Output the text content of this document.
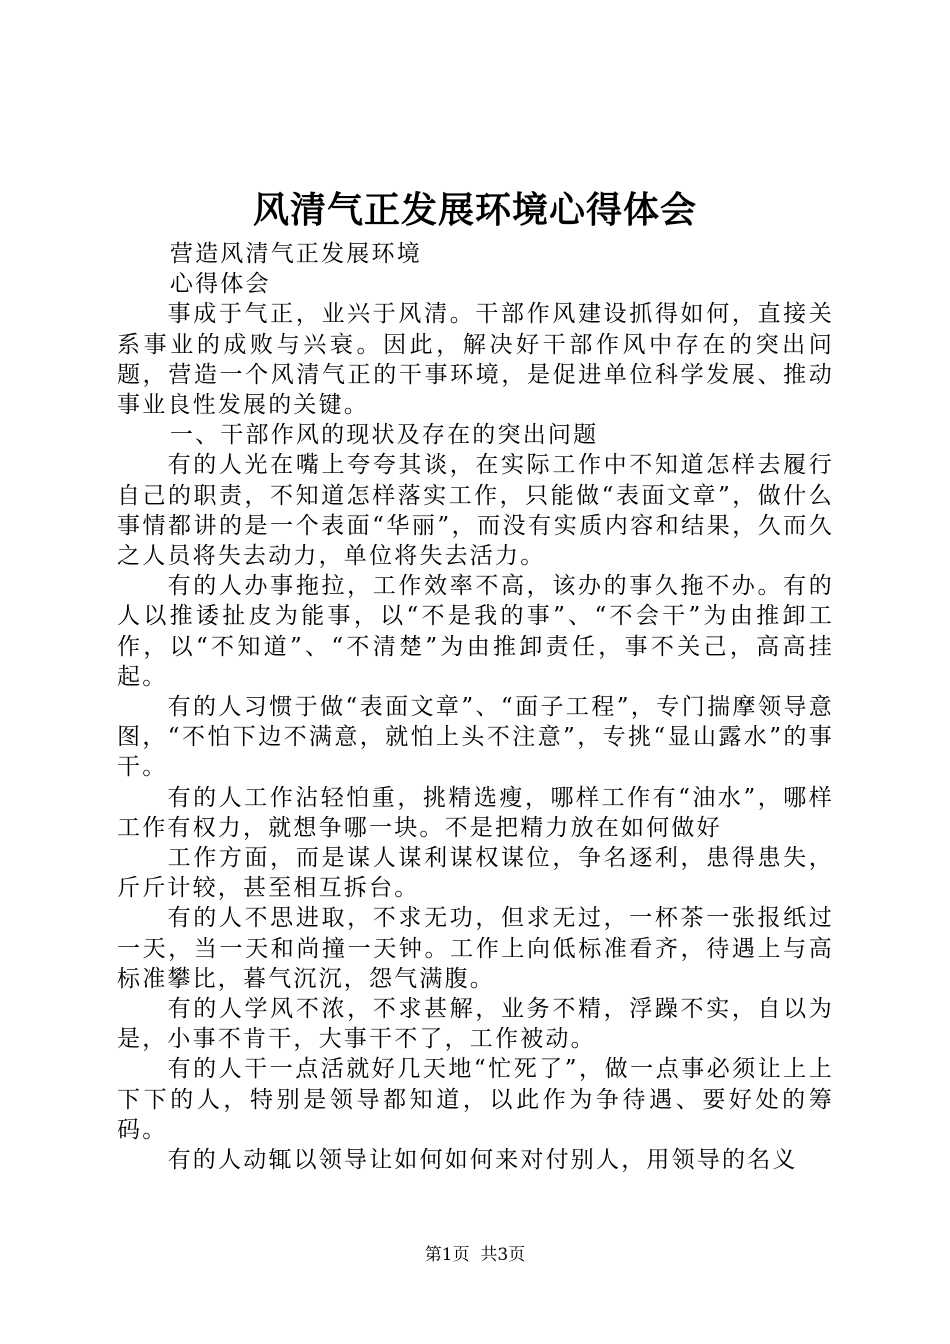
风清气正发展环境心得体会

营造风清气正发展环境

心得体会

事成于气正，业兴于风清。干部作风建设抓得如何，直接关系事业的成败与兴衰。因此，解决好干部作风中存在的突出问题，营造一个风清气正的干事环境，是促进单位科学发展、推动事业良性发展的关键。

一、干部作风的现状及存在的突出问题

有的人光在嘴上夸夸其谈，在实际工作中不知道怎样去履行自己的职责，不知道怎样落实工作，只能做“表面文章”，做什么事情都讲的是一个表面“华丽”，而没有实质内容和结果，久而久之人员将失去动力，单位将失去活力。

有的人办事拖拉，工作效率不高，该办的事久拖不办。有的人以推诿扯皮为能事，以“不是我的事”、“不会干”为由推卸工作，以“不知道”、“不清楚”为由推卸责任，事不关己，高高挂起。

有的人习惯于做“表面文章”、“面子工程”，专门揣摩领导意图，“不怕下边不满意，就怕上头不注意”，专挑“显山露水”的事干。

有的人工作沾轻怕重，挑精选瘦，哪样工作有“油水”，哪样工作有权力，就想争哪一块。不是把精力放在如何做好

工作方面，而是谋人谋利谋权谋位，争名逐利，患得患失，斤斤计较，甚至相互拆台。

有的人不思进取，不求无功，但求无过，一杯茶一张报纸过一天，当一天和尚撞一天钟。工作上向低标准看齐，待遇上与高标准攀比，暮气沉沉，怨气满腹。

有的人学风不浓，不求甚解，业务不精，浮躁不实，自以为是，小事不肯干，大事干不了，工作被动。

有的人干一点活就好几天地“忙死了”，做一点事必须让上上下下的人，特别是领导都知道，以此作为争待遇、要好处的筹码。

有的人动辄以领导让如何如何来对付别人，用领导的名义

第1页 共3页
